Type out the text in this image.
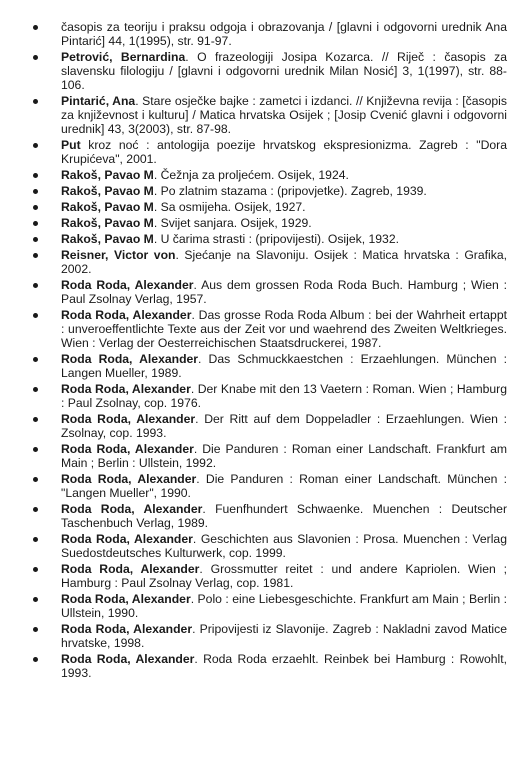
časopis za teoriju i praksu odgoja i obrazovanja / [glavni i odgovorni urednik Ana Pintarić] 44, 1(1995), str. 91-97.
Petrović, Bernardina. O frazeologiji Josipa Kozarca. // Riječ : časopis za slavensku filologiju / [glavni i odgovorni urednik Milan Nosić] 3, 1(1997), str. 88-106.
Pintarić, Ana. Stare osječke bajke : zametci i izdanci. // Književna revija : [časopis za književnost i kulturu] / Matica hrvatska Osijek ; [Josip Cvenić glavni i odgovorni urednik] 43, 3(2003), str. 87-98.
Put kroz noć : antologija poezije hrvatskog ekspresionizma. Zagreb : "Dora Krupićeva", 2001.
Rakoš, Pavao M. Čežnja za proljećem. Osijek, 1924.
Rakoš, Pavao M. Po zlatnim stazama : (pripovjetke). Zagreb, 1939.
Rakoš, Pavao M. Sa osmijeha. Osijek, 1927.
Rakoš, Pavao M. Svijet sanjara. Osijek, 1929.
Rakoš, Pavao M. U čarima strasti : (pripovijesti). Osijek, 1932.
Reisner, Victor von. Sjećanje na Slavoniju. Osijek : Matica hrvatska : Grafika, 2002.
Roda Roda, Alexander. Aus dem grossen Roda Roda Buch. Hamburg ; Wien : Paul Zsolnay Verlag, 1957.
Roda Roda, Alexander. Das grosse Roda Roda Album : bei der Wahrheit ertappt : unveroeffentlichte Texte aus der Zeit vor und waehrend des Zweiten Weltkrieges. Wien : Verlag der Oesterreichischen Staatsdruckerei, 1987.
Roda Roda, Alexander. Das Schmuckkaestchen : Erzaehlungen. München : Langen Mueller, 1989.
Roda Roda, Alexander. Der Knabe mit den 13 Vaetern : Roman. Wien ; Hamburg : Paul Zsolnay, cop. 1976.
Roda Roda, Alexander. Der Ritt auf dem Doppeladler : Erzaehlungen. Wien : Zsolnay, cop. 1993.
Roda Roda, Alexander. Die Panduren : Roman einer Landschaft. Frankfurt am Main ; Berlin : Ullstein, 1992.
Roda Roda, Alexander. Die Panduren : Roman einer Landschaft. München : "Langen Mueller", 1990.
Roda Roda, Alexander. Fuenfhundert Schwaenke. Muenchen : Deutscher Taschenbuch Verlag, 1989.
Roda Roda, Alexander. Geschichten aus Slavonien : Prosa. Muenchen : Verlag Suedostdeutsches Kulturwerk, cop. 1999.
Roda Roda, Alexander. Grossmutter reitet : und andere Kapriolen. Wien ; Hamburg : Paul Zsolnay Verlag, cop. 1981.
Roda Roda, Alexander. Polo : eine Liebesgeschichte. Frankfurt am Main ; Berlin : Ullstein, 1990.
Roda Roda, Alexander. Pripovijesti iz Slavonije. Zagreb : Nakladni zavod Matice hrvatske, 1998.
Roda Roda, Alexander. Roda Roda erzaehlt. Reinbek bei Hamburg : Rowohlt, 1993.
